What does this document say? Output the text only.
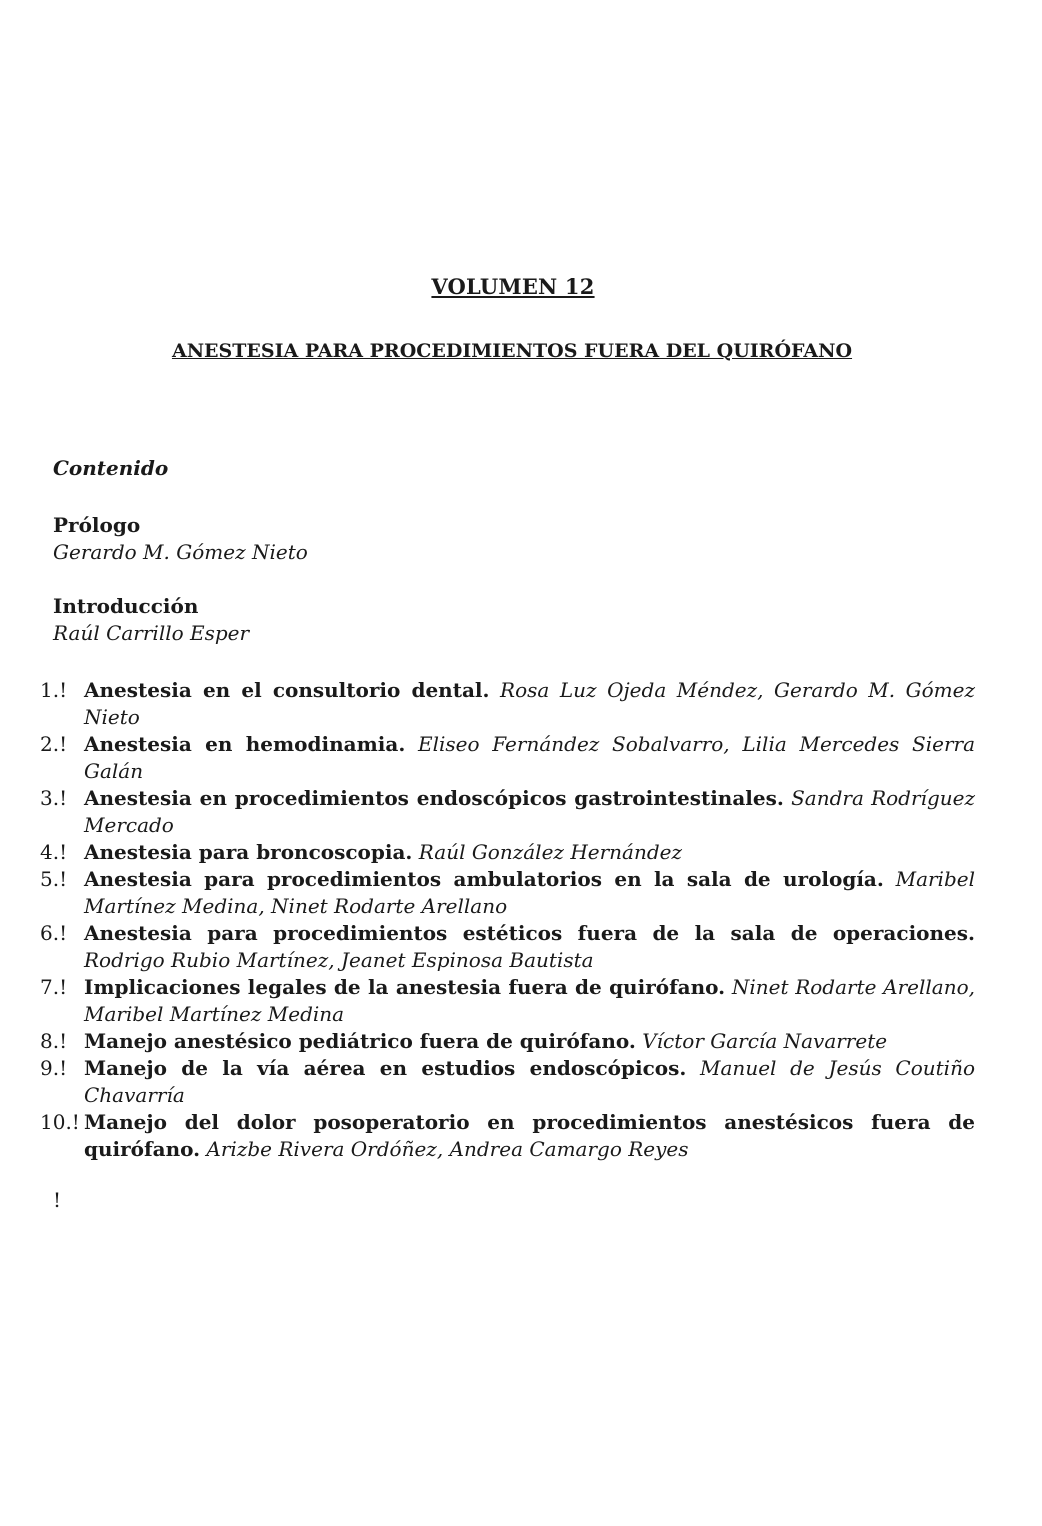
VOLUMEN 12
ANESTESIA PARA PROCEDIMIENTOS FUERA DEL QUIRÓFANO
Contenido
Prólogo
Gerardo M. Gómez Nieto
Introducción
Raúl Carrillo Esper
1.! Anestesia en el consultorio dental. Rosa Luz Ojeda Méndez, Gerardo M. Gómez Nieto
2.! Anestesia en hemodinamia. Eliseo Fernández Sobalvarro, Lilia Mercedes Sierra Galán
3.! Anestesia en procedimientos endoscópicos gastrointestinales. Sandra Rodríguez Mercado
4.! Anestesia para broncoscopia. Raúl González Hernández
5.! Anestesia para procedimientos ambulatorios en la sala de urología. Maribel Martínez Medina, Ninet Rodarte Arellano
6.! Anestesia para procedimientos estéticos fuera de la sala de operaciones. Rodrigo Rubio Martínez, Jeanet Espinosa Bautista
7.! Implicaciones legales de la anestesia fuera de quirófano. Ninet Rodarte Arellano, Maribel Martínez Medina
8.! Manejo anestésico pediátrico fuera de quirófano. Víctor García Navarrete
9.! Manejo de la vía aérea en estudios endoscópicos. Manuel de Jesús Coutiño Chavarría
10.! Manejo del dolor posoperatorio en procedimientos anestésicos fuera de quirófano. Arizbe Rivera Ordóñez, Andrea Camargo Reyes
!
